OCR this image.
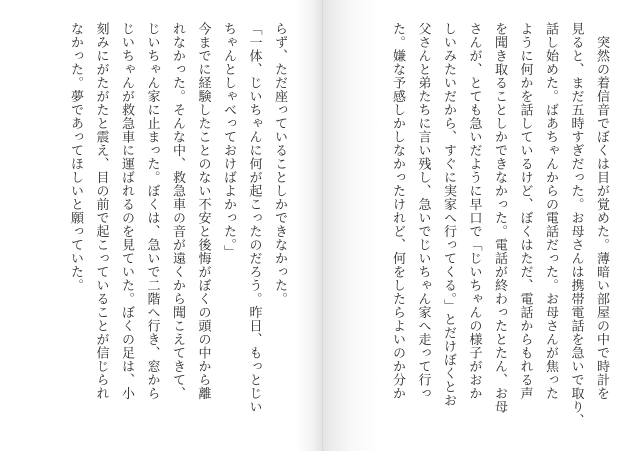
　突然の着信音でぼくは目が覚めた。薄暗い部屋の中で時計を

見ると、まだ五時すぎだった。お母さんは携帯電話を急いで取り、

話し始めた。ばあちゃんからの電話だった。お母さんが焦った

ように何かを話しているけど、ぼくはただ、電話からもれる声

を聞き取ることしかできなかった。電話が終わったとたん、お母

さんが、とても急いだように早口で「じいちゃんの様子がおか

しいみたいだから、すぐに実家へ行ってくる。」とだけぼくとお

父さんと弟たちに言い残し、急いでじいちゃん家へ走って行っ

た。嫌な予感しかしなかったけれど、何をしたらよいのか分か

らず、ただ座っていることしかできなかった。

「一体、じいちゃんに何が起こったのだろう。昨日、もっとじい

ちゃんとしゃべっておけばよかった。」

今までに経験したことのない不安と後悔がぼくの頭の中から離

れなかった。そんな中、救急車の音が遠くから聞こえてきて、

じいちゃん家に止まった。ぼくは、急いで二階へ行き、窓から

じいちゃんが救急車に運ばれるのを見ていた。ぼくの足は、小

刻みにがたがたと震え、目の前で起こっていることが信じられ

なかった。夢であってほしいと願っていた。
